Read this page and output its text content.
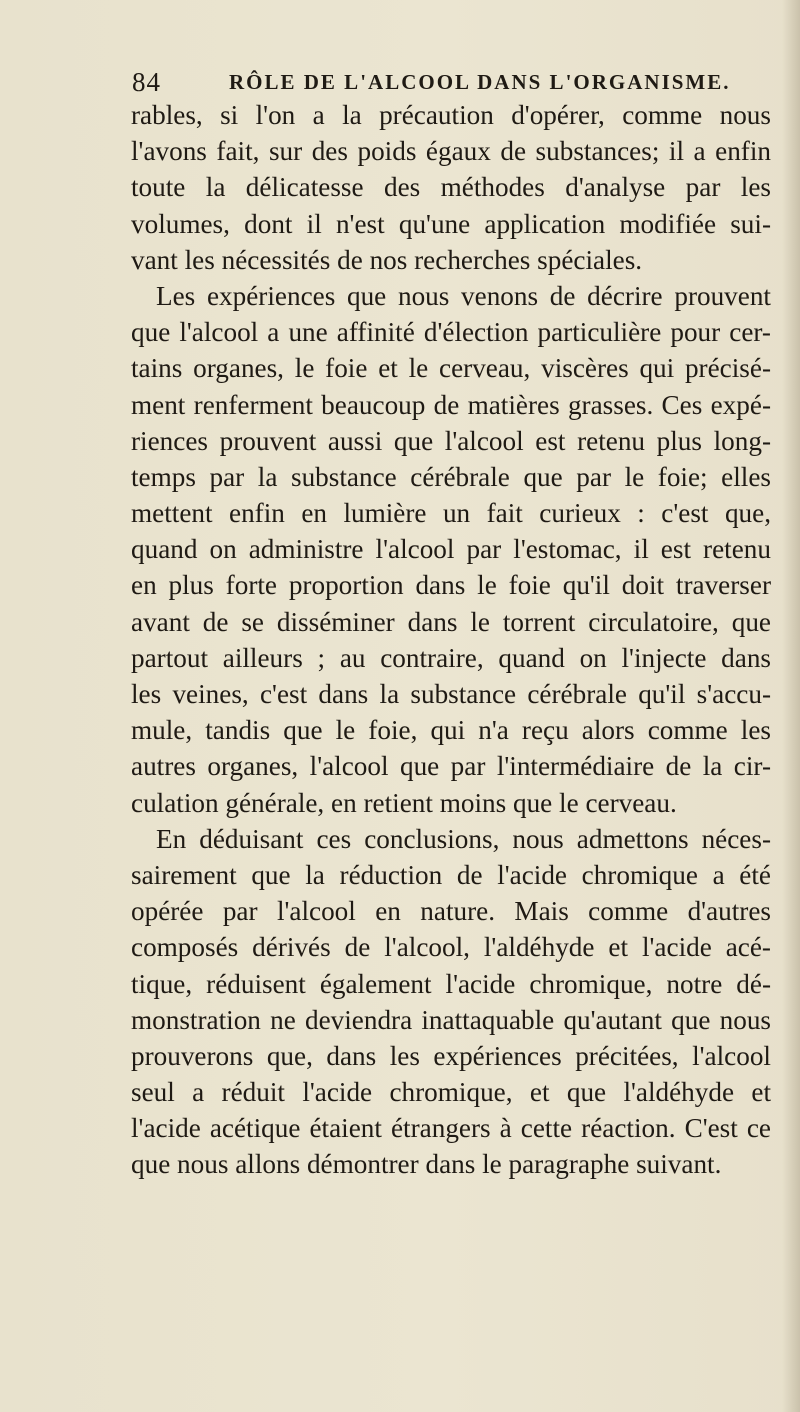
84	RÔLE DE L'ALCOOL DANS L'ORGANISME.
rables, si l'on a la précaution d'opérer, comme nous
l'avons fait, sur des poids égaux de substances; il a enfin
toute la délicatesse des méthodes d'analyse par les
volumes, dont il n'est qu'une application modifiée sui-
vant les nécessités de nos recherches spéciales.
Les expériences que nous venons de décrire prouvent
que l'alcool a une affinité d'élection particulière pour cer-
tains organes, le foie et le cerveau, viscères qui précisé-
ment renferment beaucoup de matières grasses. Ces expé-
riences prouvent aussi que l'alcool est retenu plus long-
temps par la substance cérébrale que par le foie; elles
mettent enfin en lumière un fait curieux : c'est que,
quand on administre l'alcool par l'estomac, il est retenu
en plus forte proportion dans le foie qu'il doit traverser
avant de se disséminer dans le torrent circulatoire, que
partout ailleurs ; au contraire, quand on l'injecte dans
les veines, c'est dans la substance cérébrale qu'il s'accu-
mule, tandis que le foie, qui n'a reçu alors comme les
autres organes, l'alcool que par l'intermédiaire de la cir-
culation générale, en retient moins que le cerveau.
En déduisant ces conclusions, nous admettons néces-
sairement que la réduction de l'acide chromique a été
opérée par l'alcool en nature. Mais comme d'autres
composés dérivés de l'alcool, l'aldéhyde et l'acide acé-
tique, réduisent également l'acide chromique, notre dé-
monstration ne deviendra inattaquable qu'autant que nous
prouverons que, dans les expériences précitées, l'alcool
seul a réduit l'acide chromique, et que l'aldéhyde et
l'acide acétique étaient étrangers à cette réaction. C'est ce
que nous allons démontrer dans le paragraphe suivant.
